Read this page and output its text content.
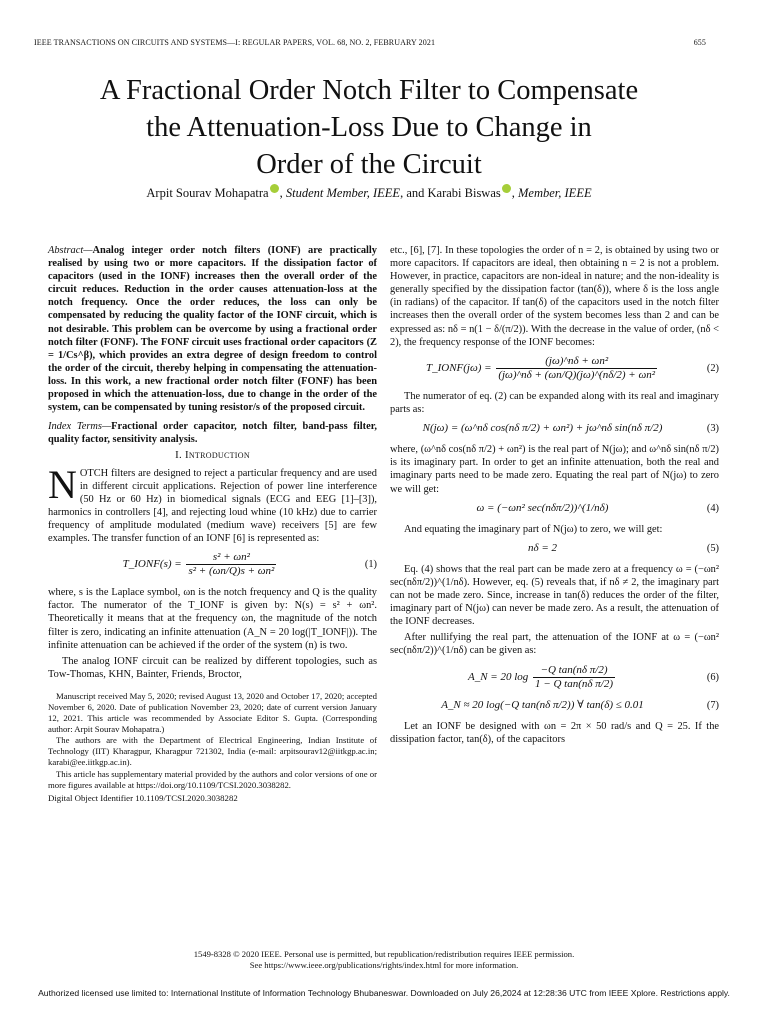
IEEE TRANSACTIONS ON CIRCUITS AND SYSTEMS—I: REGULAR PAPERS, VOL. 68, NO. 2, FEBRUARY 2021	655
A Fractional Order Notch Filter to Compensate
the Attenuation-Loss Due to Change in
Order of the Circuit
Arpit Sourav Mohapatra , Student Member, IEEE, and Karabi Biswas , Member, IEEE

Abstract—Analog integer order notch filters (IONF) are practically realised by using two or more capacitors. If the dissipation factor of capacitors (used in the IONF) increases then the overall order of the circuit reduces. Reduction in the order causes attenuation-loss at the notch frequency. Once the order reduces, the loss can only be compensated by reducing the quality factor of the IONF circuit, which is not desirable. This problem can be overcome by using a fractional order notch filter (FONF). The FONF circuit uses fractional order capacitors (Z = 1/Cs^β), which provides an extra degree of design freedom to control the order of the circuit, thereby helping in compensating the attenuation-loss. In this work, a new fractional order notch filter (FONF) has been proposed in which the attenuation-loss, due to change in the order of the system, can be compensated by tuning resistor/s of the proposed circuit.

Index Terms—Fractional order capacitor, notch filter, band-pass filter, quality factor, sensitivity analysis.

I. Introduction

NOTCH filters are designed to reject a particular frequency and are used in different circuit applications. Rejection of power line interference (50 Hz or 60 Hz) in biomedical signals (ECG and EEG [1]–[3]), harmonics in controllers [4], and rejecting loud whine (10 kHz) due to carrier frequency of amplitude modulated (medium wave) receivers [5] are few examples. The transfer function of an IONF [6] is represented as:

T_IONF(s) = $\frac{\text{s² + ωn²}}{\text{s² + (ωn/Q)s + ωn²}}$	(1)

where, s is the Laplace symbol, ωn is the notch frequency and Q is the quality factor. The numerator of the T_IONF is given by: N(s) = s² + ωn². Theoretically it means that at the frequency ωn, the magnitude of the notch filter is zero, indicating an infinite attenuation (A_N = 20 log(|T_IONF|)). The infinite attenuation can be achieved if the order of the system (n) is two.

The analog IONF circuit can be realized by different topologies, such as Tow-Thomas, KHN, Bainter, Friends, Broctor,

Manuscript received May 5, 2020; revised August 13, 2020 and October 17, 2020; accepted November 6, 2020. Date of publication November 23, 2020; date of current version January 12, 2021. This article was recommended by Associate Editor S. Gupta. (Corresponding author: Arpit Sourav Mohapatra.)

The authors are with the Department of Electrical Engineering, Indian Institute of Technology (IIT) Kharagpur, Kharagpur 721302, India (e-mail: arpitsourav12@iitkgp.ac.in; karabi@ee.iitkgp.ac.in).

This article has supplementary material provided by the authors and color versions of one or more figures available at https://doi.org/10.1109/TCSI.2020.3038282.

Digital Object Identifier 10.1109/TCSI.2020.3038282

etc., [6], [7]. In these topologies the order of n = 2, is obtained by using two or more capacitors. If capacitors are ideal, then obtaining n = 2 is not a problem. However, in practice, capacitors are non-ideal in nature; and the non-ideality is generally specified by the dissipation factor (tan(δ)), where δ is the loss angle (in radians) of the capacitor. If tan(δ) of the capacitors used in the notch filter increases then the overall order of the system becomes less than 2 and can be expressed as: nδ = n(1 − δ/(π/2)). With the decrease in the value of order, (nδ < 2), the frequency response of the IONF becomes:

T_IONF(jω) = $\frac{\text{(jω)\textasciicircum{}nδ + ωn²}}{\text{(jω)\textasciicircum{}nδ + (ωn/Q)(jω)\textasciicircum{}(nδ/2) + ωn²}}$	(2)

The numerator of eq. (2) can be expanded along with its real and imaginary parts as:

N(jω) = (ω^nδ cos(nδ π/2) + ωn²) + jω^nδ sin(nδ π/2)	(3)

where, (ω^nδ cos(nδ π/2) + ωn²) is the real part of N(jω); and ω^nδ sin(nδ π/2) is its imaginary part. In order to get an infinite attenuation, both the real and imaginary parts need to be made zero. Equating the real part of N(jω) to zero we will get:

ω = (−ωn² sec(nδπ/2))^(1/nδ)	(4)

And equating the imaginary part of N(jω) to zero, we will get:

nδ = 2	(5)

Eq. (4) shows that the real part can be made zero at a frequency ω = (−ωn² sec(nδπ/2))^(1/nδ). However, eq. (5) reveals that, if nδ ≠ 2, the imaginary part can not be made zero. Since, increase in tan(δ) reduces the order of the filter, imaginary part of N(jω) can never be made zero. As a result, the attenuation of the IONF decreases.

After nullifying the real part, the attenuation of the IONF at ω = (−ωn² sec(nδπ/2))^(1/nδ) can be given as:

A_N = 20 $\log \frac{\text{−Q tan(nδ π/2)}}{\text{1 − Q tan(nδ π/2)}}$	(6)
A_N ≈ 20 log(−Q tan(nδ π/2)) ∀ tan(δ) ≤ 0.01	(7)

Let an IONF be designed with ωn = 2π × 50 rad/s and Q = 25. If the dissipation factor, tan(δ), of the capacitors

1549-8328 © 2020 IEEE. Personal use is permitted, but republication/redistribution requires IEEE permission.
See https://www.ieee.org/publications/rights/index.html for more information.
Authorized licensed use limited to: International Institute of Information Technology Bhubaneswar. Downloaded on July 26,2024 at 12:28:36 UTC from IEEE Xplore. Restrictions apply.
